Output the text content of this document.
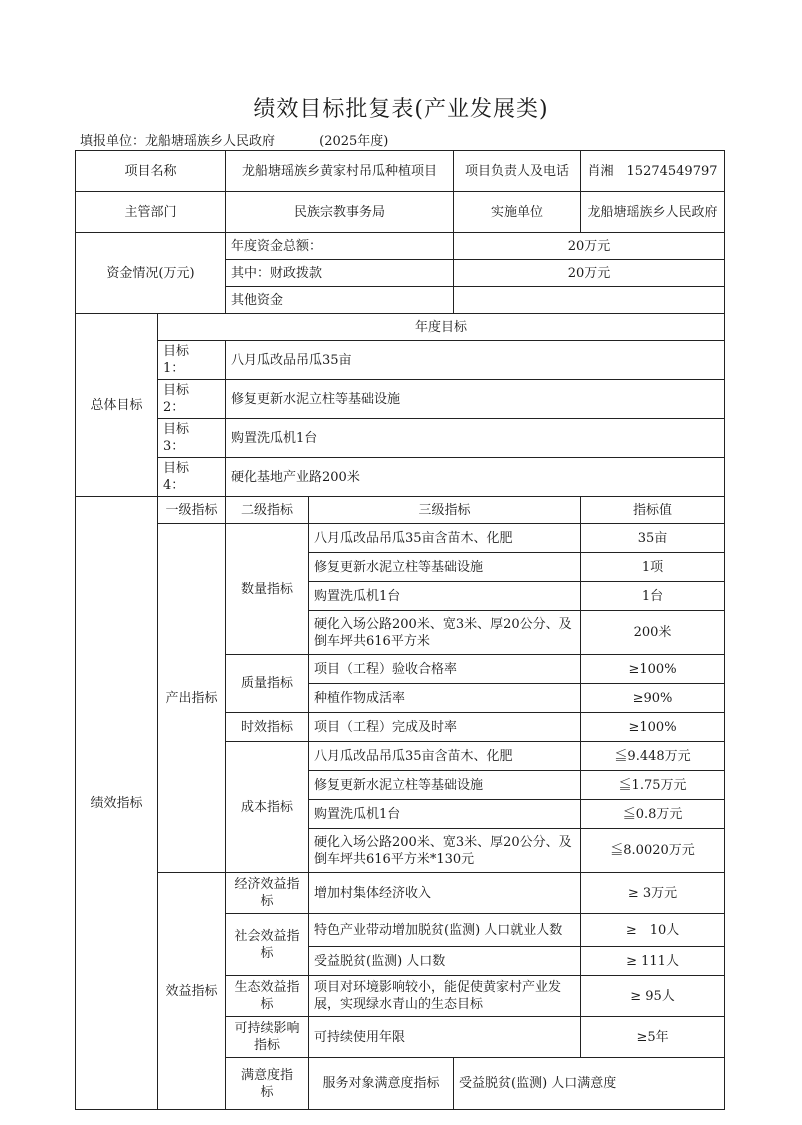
绩效目标批复表(产业发展类)
填报单位：龙船塘瑶族乡人民政府	(2025年度)
项目名称		龙船塘瑶族乡黄家村吊瓜种植项目		项目负责人及电话	肖湘　15274549797	
主管部门		民族宗教事务局		实施单位	龙船塘瑶族乡人民政府	
资金情况(万元)		年度资金总额：		20万元		
		其中：财政拨款		20万元		
		其他资金				
总体目标	年度目标					
	目标　1：	八月瓜改品吊瓜35亩				
	目标　2：	修复更新水泥立柱等基础设施				
	目标　3：	购置洗瓜机1台				
	目标　4：	硬化基地产业路200米				
绩效指标	一级指标	二级指标	三级指标		指标值	
	产出指标	数量指标	八月瓜改品吊瓜35亩含苗木、化肥		35亩	
			修复更新水泥立柱等基础设施		1项	
			购置洗瓜机1台		1台	
			硬化入场公路200米、宽3米、厚20公分、及倒车坪共616平方米		200米	
		质量指标	项目（工程）验收合格率		≥100%	
			种植作物成活率		≥90%	
		时效指标	项目（工程）完成及时率		≥100%	
		成本指标	八月瓜改品吊瓜35亩含苗木、化肥		≦9.448万元	
			修复更新水泥立柱等基础设施		≦1.75万元	
			购置洗瓜机1台		≦0.8万元	
			硬化入场公路200米、宽3米、厚20公分、及倒车坪共616平方米*130元		≦8.0020万元	
	效益指标	经济效益指标	增加村集体经济收入		≥ 3万元	
		社会效益指标	特色产业带动增加脱贫(监测) 人口就业人数		≥　10人	
			受益脱贫(监测) 人口数		≥ 111人	
		生态效益指标	项目对环境影响较小，能促使黄家村产业发展，实现绿水青山的生态目标		≥ 95人	
		可持续影响指标	可持续使用年限		≥5年	
		满意度指　标	服务对象满意度指标	受益脱贫(监测) 人口满意度	
